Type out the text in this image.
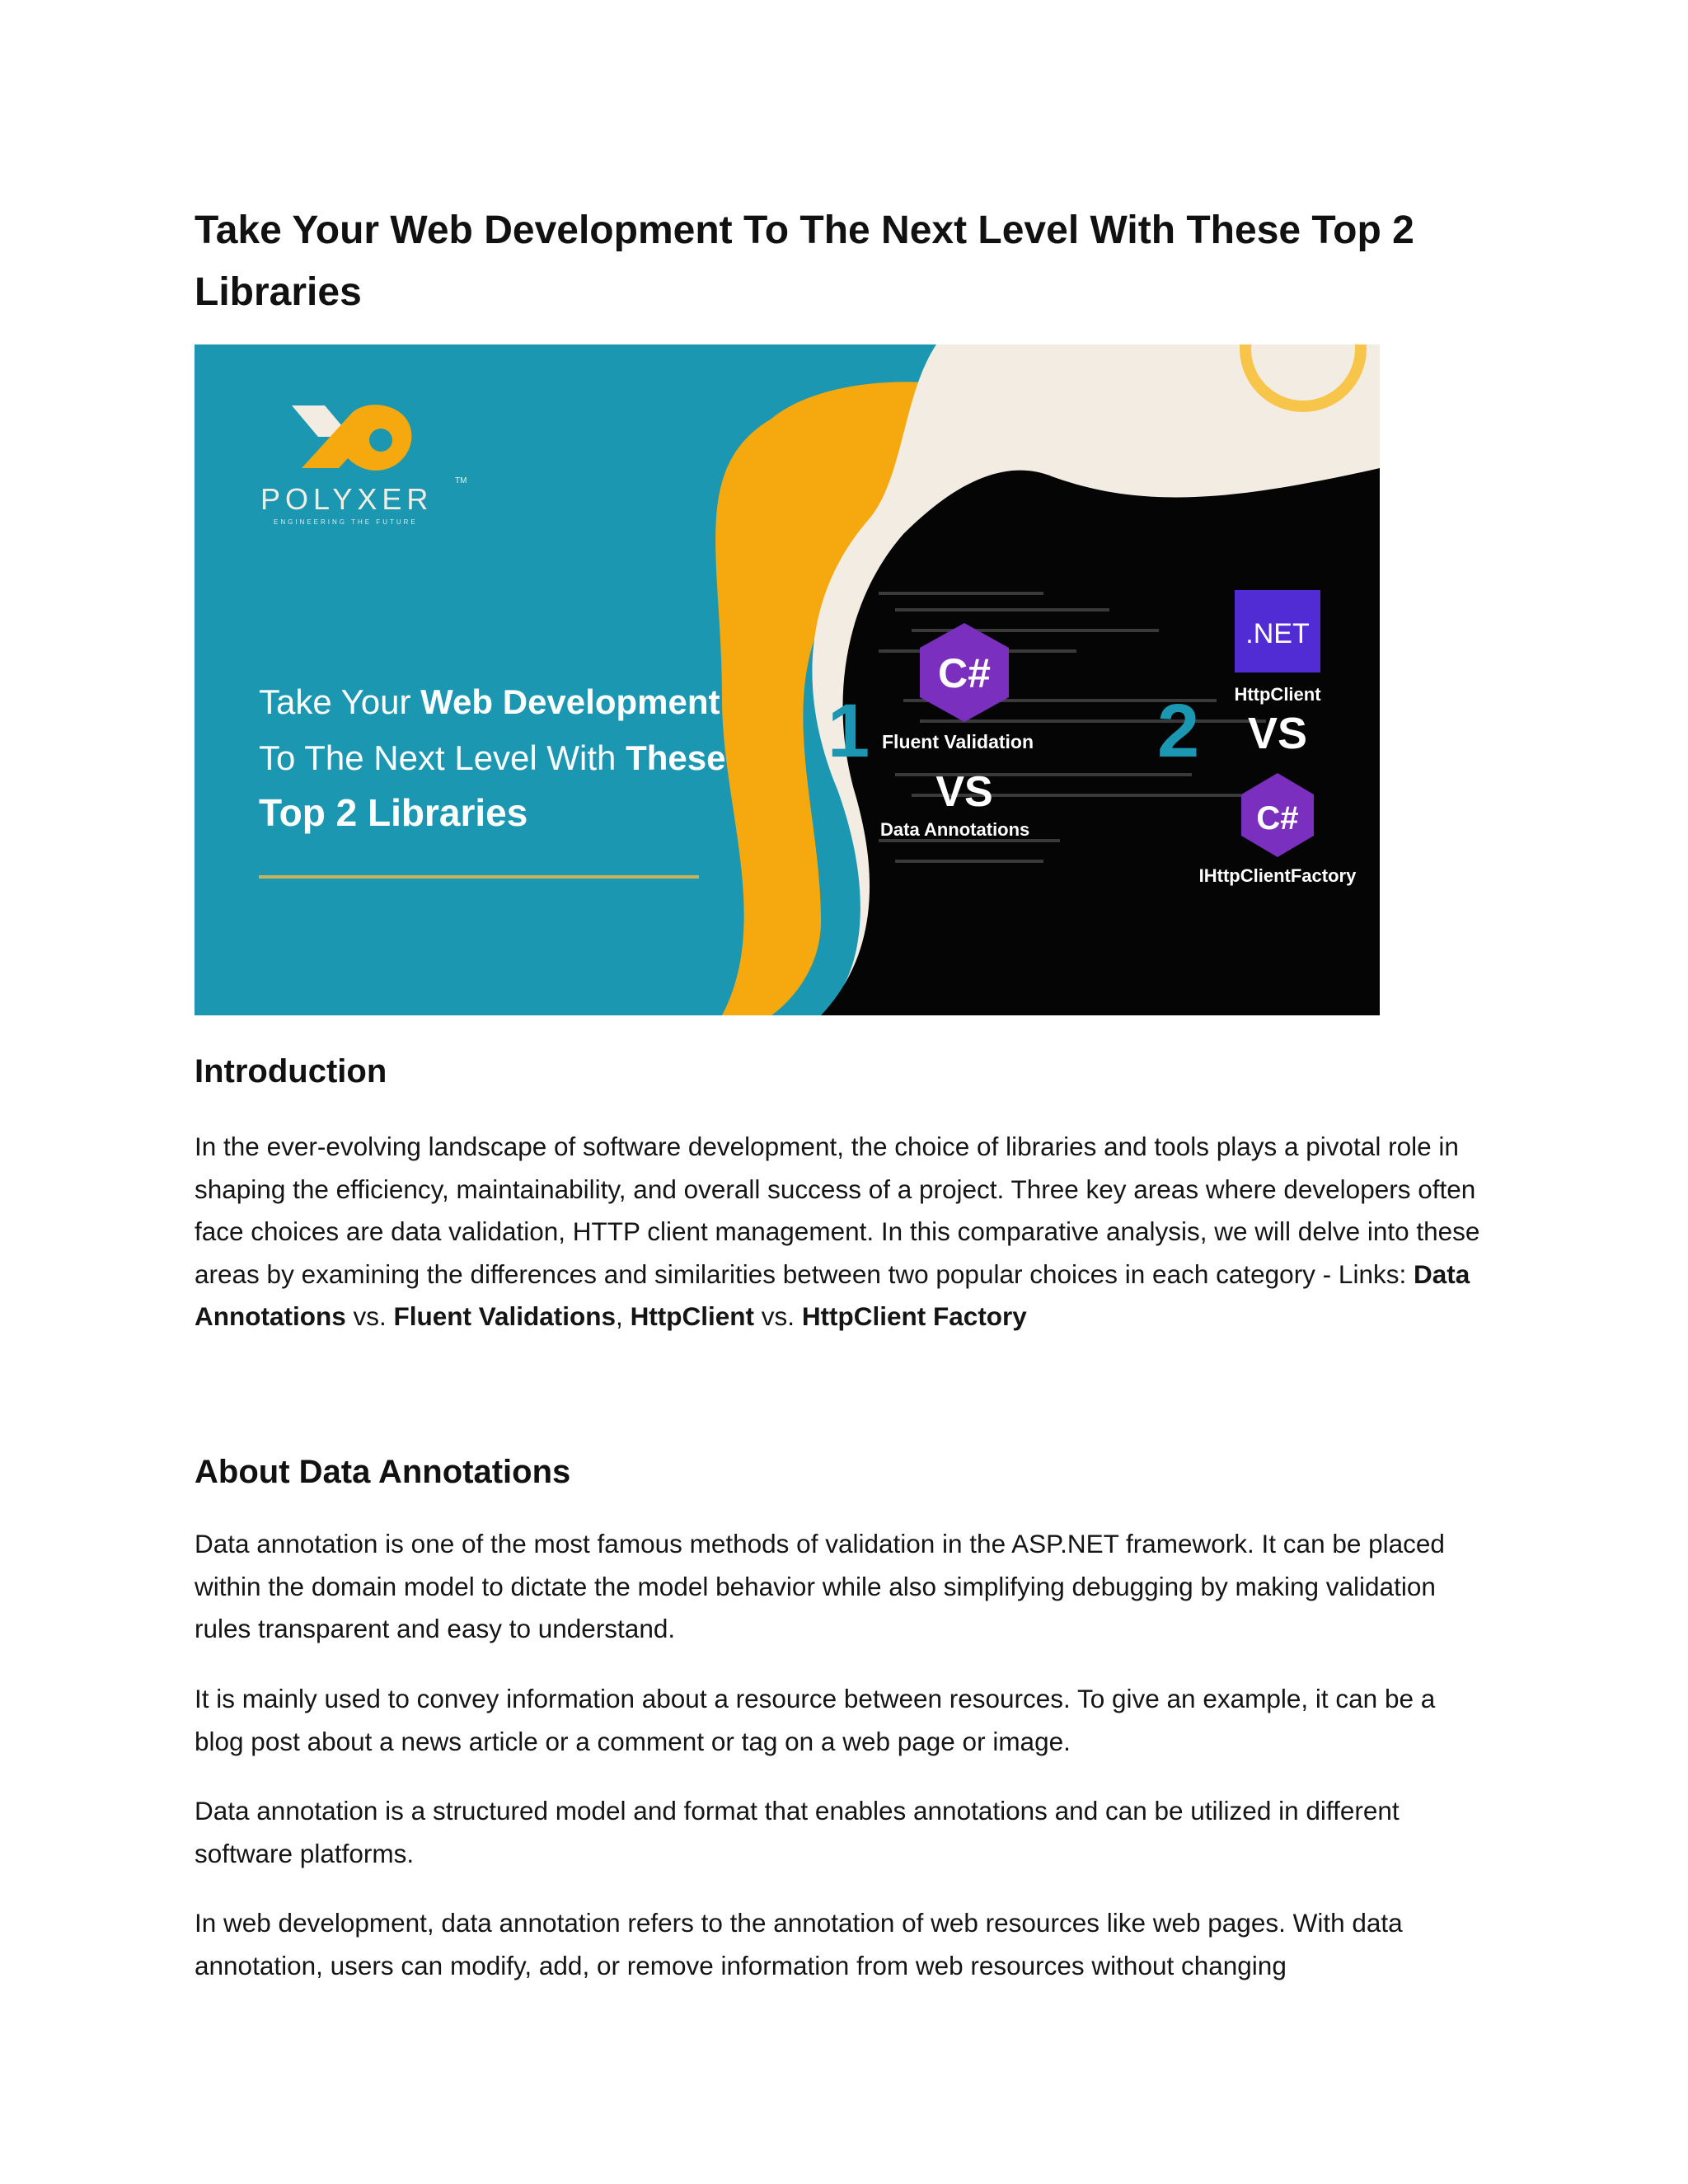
Take Your Web Development To The Next Level With These Top 2 Libraries
POLYXER
TM
ENGINEERING THE FUTURE
Take Your Web Development
To The Next Level With These
Top 2 Libraries
1	2
C#
Fluent Validation
VS
Data Annotations
.NET
HttpClient
VS
C#
IHttpClientFactory
Introduction

In the ever-evolving landscape of software development, the choice of libraries and tools plays a pivotal role in shaping the efficiency, maintainability, and overall success of a project. Three key areas where developers often face choices are data validation, HTTP client management. In this comparative analysis, we will delve into these areas by examining the differences and similarities between two popular choices in each category - Links: Data Annotations vs. Fluent Validations, HttpClient vs. HttpClient Factory

About Data Annotations

Data annotation is one of the most famous methods of validation in the ASP.NET framework. It can be placed within the domain model to dictate the model behavior while also simplifying debugging by making validation rules transparent and easy to understand.

It is mainly used to convey information about a resource between resources. To give an example, it can be a blog post about a news article or a comment or tag on a web page or image.

Data annotation is a structured model and format that enables annotations and can be utilized in different software platforms.

In web development, data annotation refers to the annotation of web resources like web pages. With data annotation, users can modify, add, or remove information from web resources without changing
